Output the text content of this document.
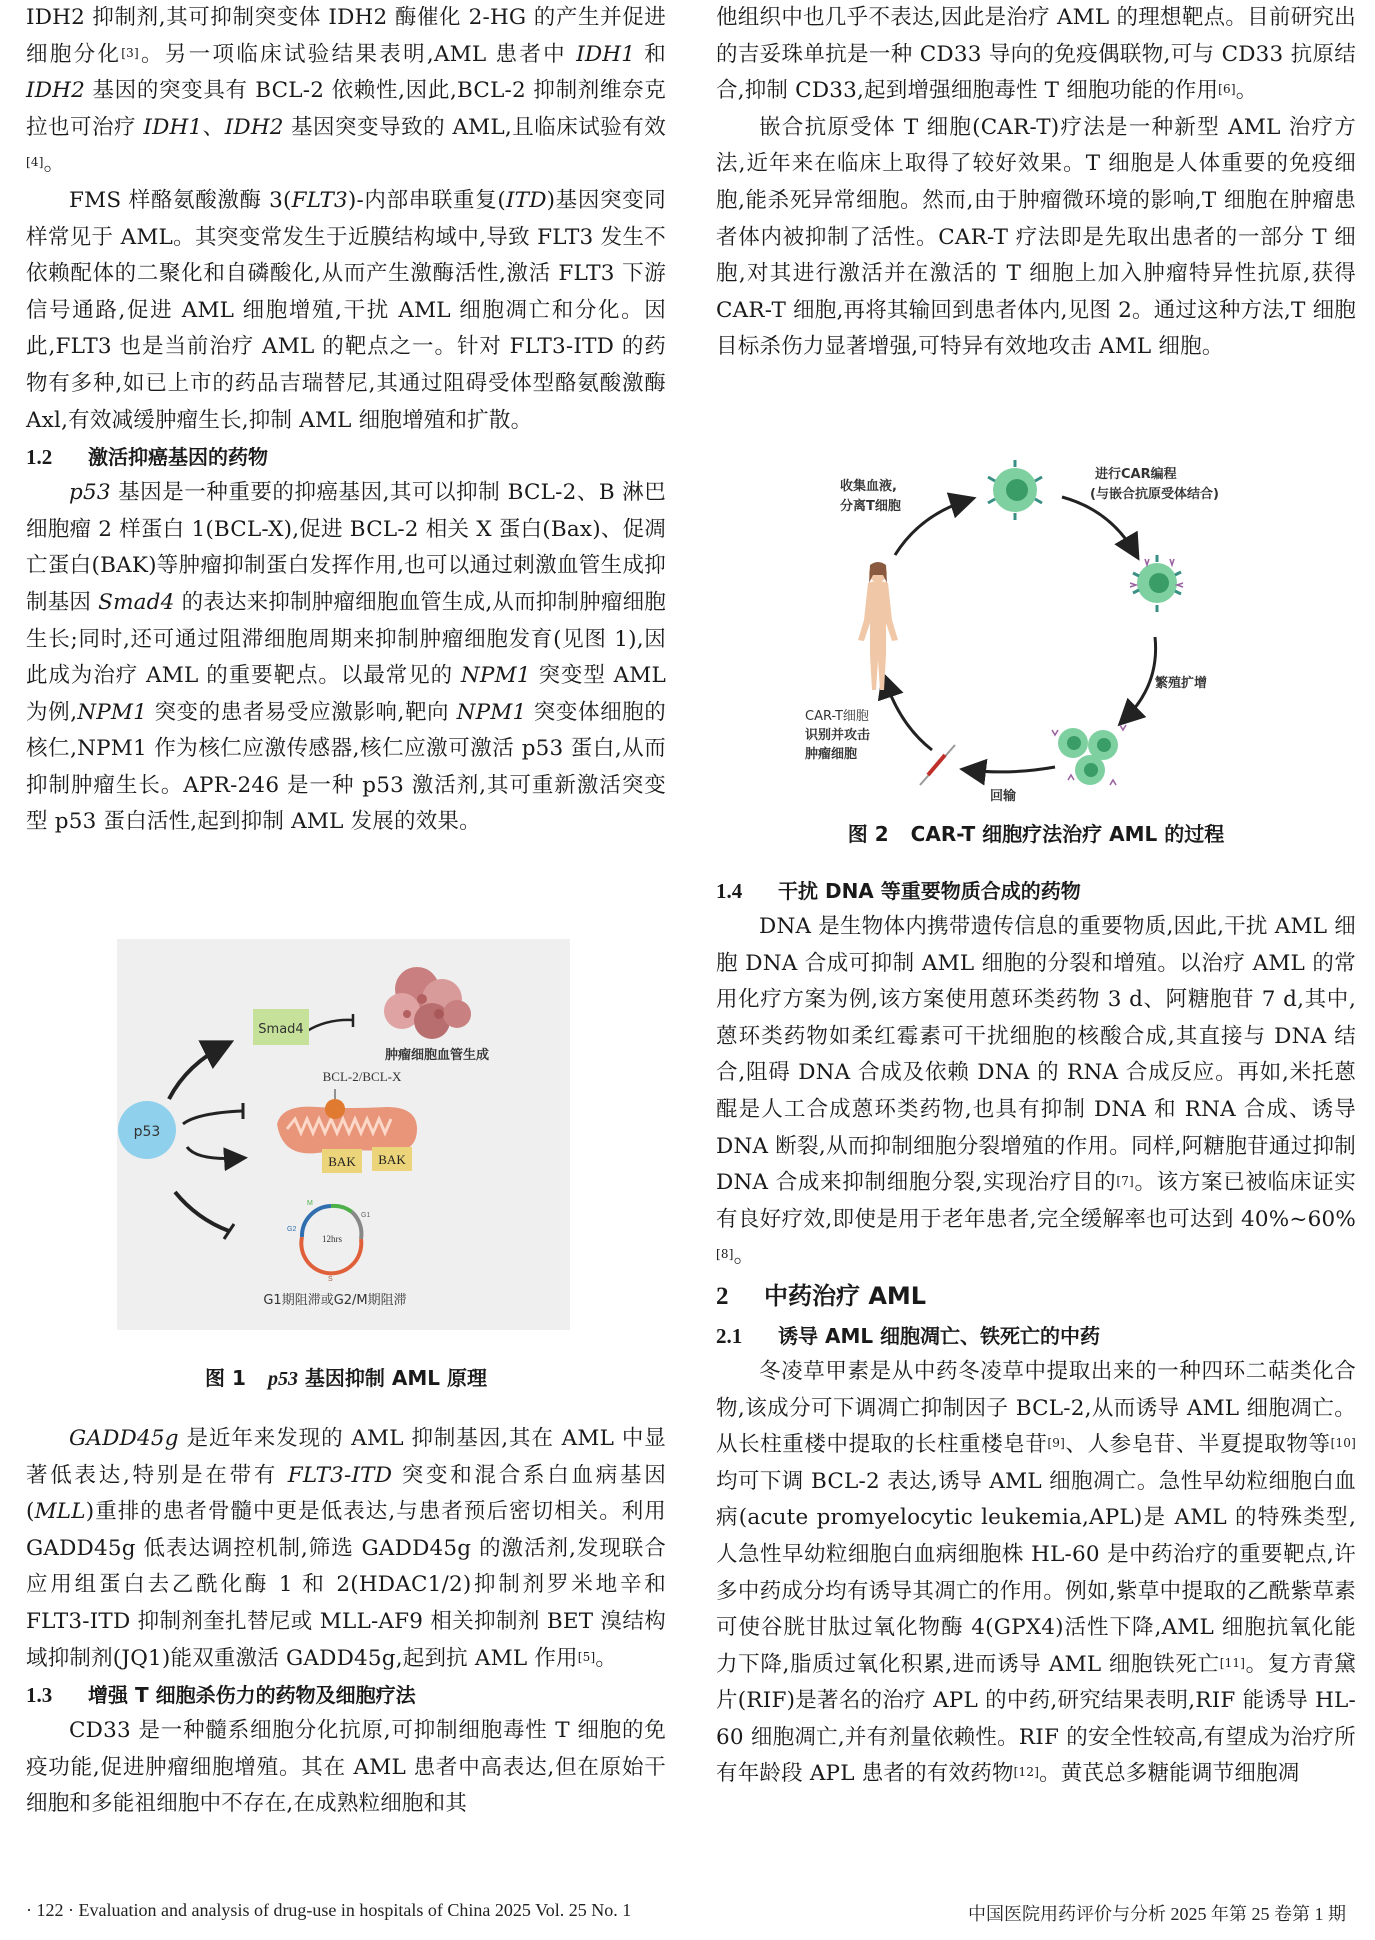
IDH2 抑制剂,其可抑制突变体 IDH2 酶催化 2-HG 的产生并促进细胞分化[3]。另一项临床试验结果表明,AML 患者中 IDH1 和 IDH2 基因的突变具有 BCL-2 依赖性,因此,BCL-2 抑制剂维奈克拉也可治疗 IDH1、IDH2 基因突变导致的 AML,且临床试验有效[4]。

FMS 样酪氨酸激酶 3(FLT3)-内部串联重复(ITD)基因突变同样常见于 AML。其突变常发生于近膜结构域中,导致 FLT3 发生不依赖配体的二聚化和自磷酸化,从而产生激酶活性,激活 FLT3 下游信号通路,促进 AML 细胞增殖,干扰 AML 细胞凋亡和分化。因此,FLT3 也是当前治疗 AML 的靶点之一。针对 FLT3-ITD 的药物有多种,如已上市的药品吉瑞替尼,其通过阻碍受体型酪氨酸激酶 Axl,有效减缓肿瘤生长,抑制 AML 细胞增殖和扩散。

1.2 激活抑癌基因的药物

p53 基因是一种重要的抑癌基因,其可以抑制 BCL-2、B 淋巴细胞瘤 2 样蛋白 1(BCL-X),促进 BCL-2 相关 X 蛋白(Bax)、促凋亡蛋白(BAK)等肿瘤抑制蛋白发挥作用,也可以通过刺激血管生成抑制基因 Smad4 的表达来抑制肿瘤细胞血管生成,从而抑制肿瘤细胞生长;同时,还可通过阻滞细胞周期来抑制肿瘤细胞发育(见图 1),因此成为治疗 AML 的重要靶点。以最常见的 NPM1 突变型 AML 为例,NPM1 突变的患者易受应激影响,靶向 NPM1 突变体细胞的核仁,NPM1 作为核仁应激传感器,核仁应激可激活 p53 蛋白,从而抑制肿瘤生长。APR-246 是一种 p53 激活剂,其可重新激活突变型 p53 蛋白活性,起到抑制 AML 发展的效果。

p53
Smad4
肿瘤细胞血管生成
BCL-2/BCL-X
BAK BAK
M
G1
G2
S
12hrs
G1期阻滞或G2/M期阻滞

图 1 p53 基因抑制 AML 原理

GADD45g 是近年来发现的 AML 抑制基因,其在 AML 中显著低表达,特别是在带有 FLT3-ITD 突变和混合系白血病基因(MLL)重排的患者骨髓中更是低表达,与患者预后密切相关。利用 GADD45g 低表达调控机制,筛选 GADD45g 的激活剂,发现联合应用组蛋白去乙酰化酶 1 和 2(HDAC1/2)抑制剂罗米地辛和 FLT3-ITD 抑制剂奎扎替尼或 MLL-AF9 相关抑制剂 BET 溴结构域抑制剂(JQ1)能双重激活 GADD45g,起到抗 AML 作用[5]。

1.3 增强 T 细胞杀伤力的药物及细胞疗法

CD33 是一种髓系细胞分化抗原,可抑制细胞毒性 T 细胞的免疫功能,促进肿瘤细胞增殖。其在 AML 患者中高表达,但在原始干细胞和多能祖细胞中不存在,在成熟粒细胞和其

他组织中也几乎不表达,因此是治疗 AML 的理想靶点。目前研究出的吉妥珠单抗是一种 CD33 导向的免疫偶联物,可与 CD33 抗原结合,抑制 CD33,起到增强细胞毒性 T 细胞功能的作用[6]。

嵌合抗原受体 T 细胞(CAR-T)疗法是一种新型 AML 治疗方法,近年来在临床上取得了较好效果。T 细胞是人体重要的免疫细胞,能杀死异常细胞。然而,由于肿瘤微环境的影响,T 细胞在肿瘤患者体内被抑制了活性。CAR-T 疗法即是先取出患者的一部分 T 细胞,对其进行激活并在激活的 T 细胞上加入肿瘤特异性抗原,获得 CAR-T 细胞,再将其输回到患者体内,见图 2。通过这种方法,T 细胞目标杀伤力显著增强,可特异有效地攻击 AML 细胞。

收集血液,
分离T细胞
进行CAR编程
(与嵌合抗原受体结合)
繁殖扩增
回输
CAR-T细胞
识别并攻击
肿瘤细胞

图 2 CAR-T 细胞疗法治疗 AML 的过程

1.4 干扰 DNA 等重要物质合成的药物

DNA 是生物体内携带遗传信息的重要物质,因此,干扰 AML 细胞 DNA 合成可抑制 AML 细胞的分裂和增殖。以治疗 AML 的常用化疗方案为例,该方案使用蒽环类药物 3 d、阿糖胞苷 7 d,其中,蒽环类药物如柔红霉素可干扰细胞的核酸合成,其直接与 DNA 结合,阻碍 DNA 合成及依赖 DNA 的 RNA 合成反应。再如,米托蒽醌是人工合成蒽环类药物,也具有抑制 DNA 和 RNA 合成、诱导 DNA 断裂,从而抑制细胞分裂增殖的作用。同样,阿糖胞苷通过抑制 DNA 合成来抑制细胞分裂,实现治疗目的[7]。该方案已被临床证实有良好疗效,即使是用于老年患者,完全缓解率也可达到 40%~60%[8]。

2 中药治疗 AML

2.1 诱导 AML 细胞凋亡、铁死亡的中药

冬凌草甲素是从中药冬凌草中提取出来的一种四环二萜类化合物,该成分可下调凋亡抑制因子 BCL-2,从而诱导 AML 细胞凋亡。从长柱重楼中提取的长柱重楼皂苷[9]、人参皂苷、半夏提取物等[10]均可下调 BCL-2 表达,诱导 AML 细胞凋亡。急性早幼粒细胞白血病(acute promyelocytic leukemia,APL)是 AML 的特殊类型,人急性早幼粒细胞白血病细胞株 HL-60 是中药治疗的重要靶点,许多中药成分均有诱导其凋亡的作用。例如,紫草中提取的乙酰紫草素可使谷胱甘肽过氧化物酶 4(GPX4)活性下降,AML 细胞抗氧化能力下降,脂质过氧化积累,进而诱导 AML 细胞铁死亡[11]。复方青黛片(RIF)是著名的治疗 APL 的中药,研究结果表明,RIF 能诱导 HL-60 细胞凋亡,并有剂量依赖性。RIF 的安全性较高,有望成为治疗所有年龄段 APL 患者的有效药物[12]。黄芪总多糖能调节细胞凋

· 122 · Evaluation and analysis of drug-use in hospitals of China 2025 Vol. 25 No. 1	中国医院用药评价与分析 2025 年第 25 卷第 1 期
